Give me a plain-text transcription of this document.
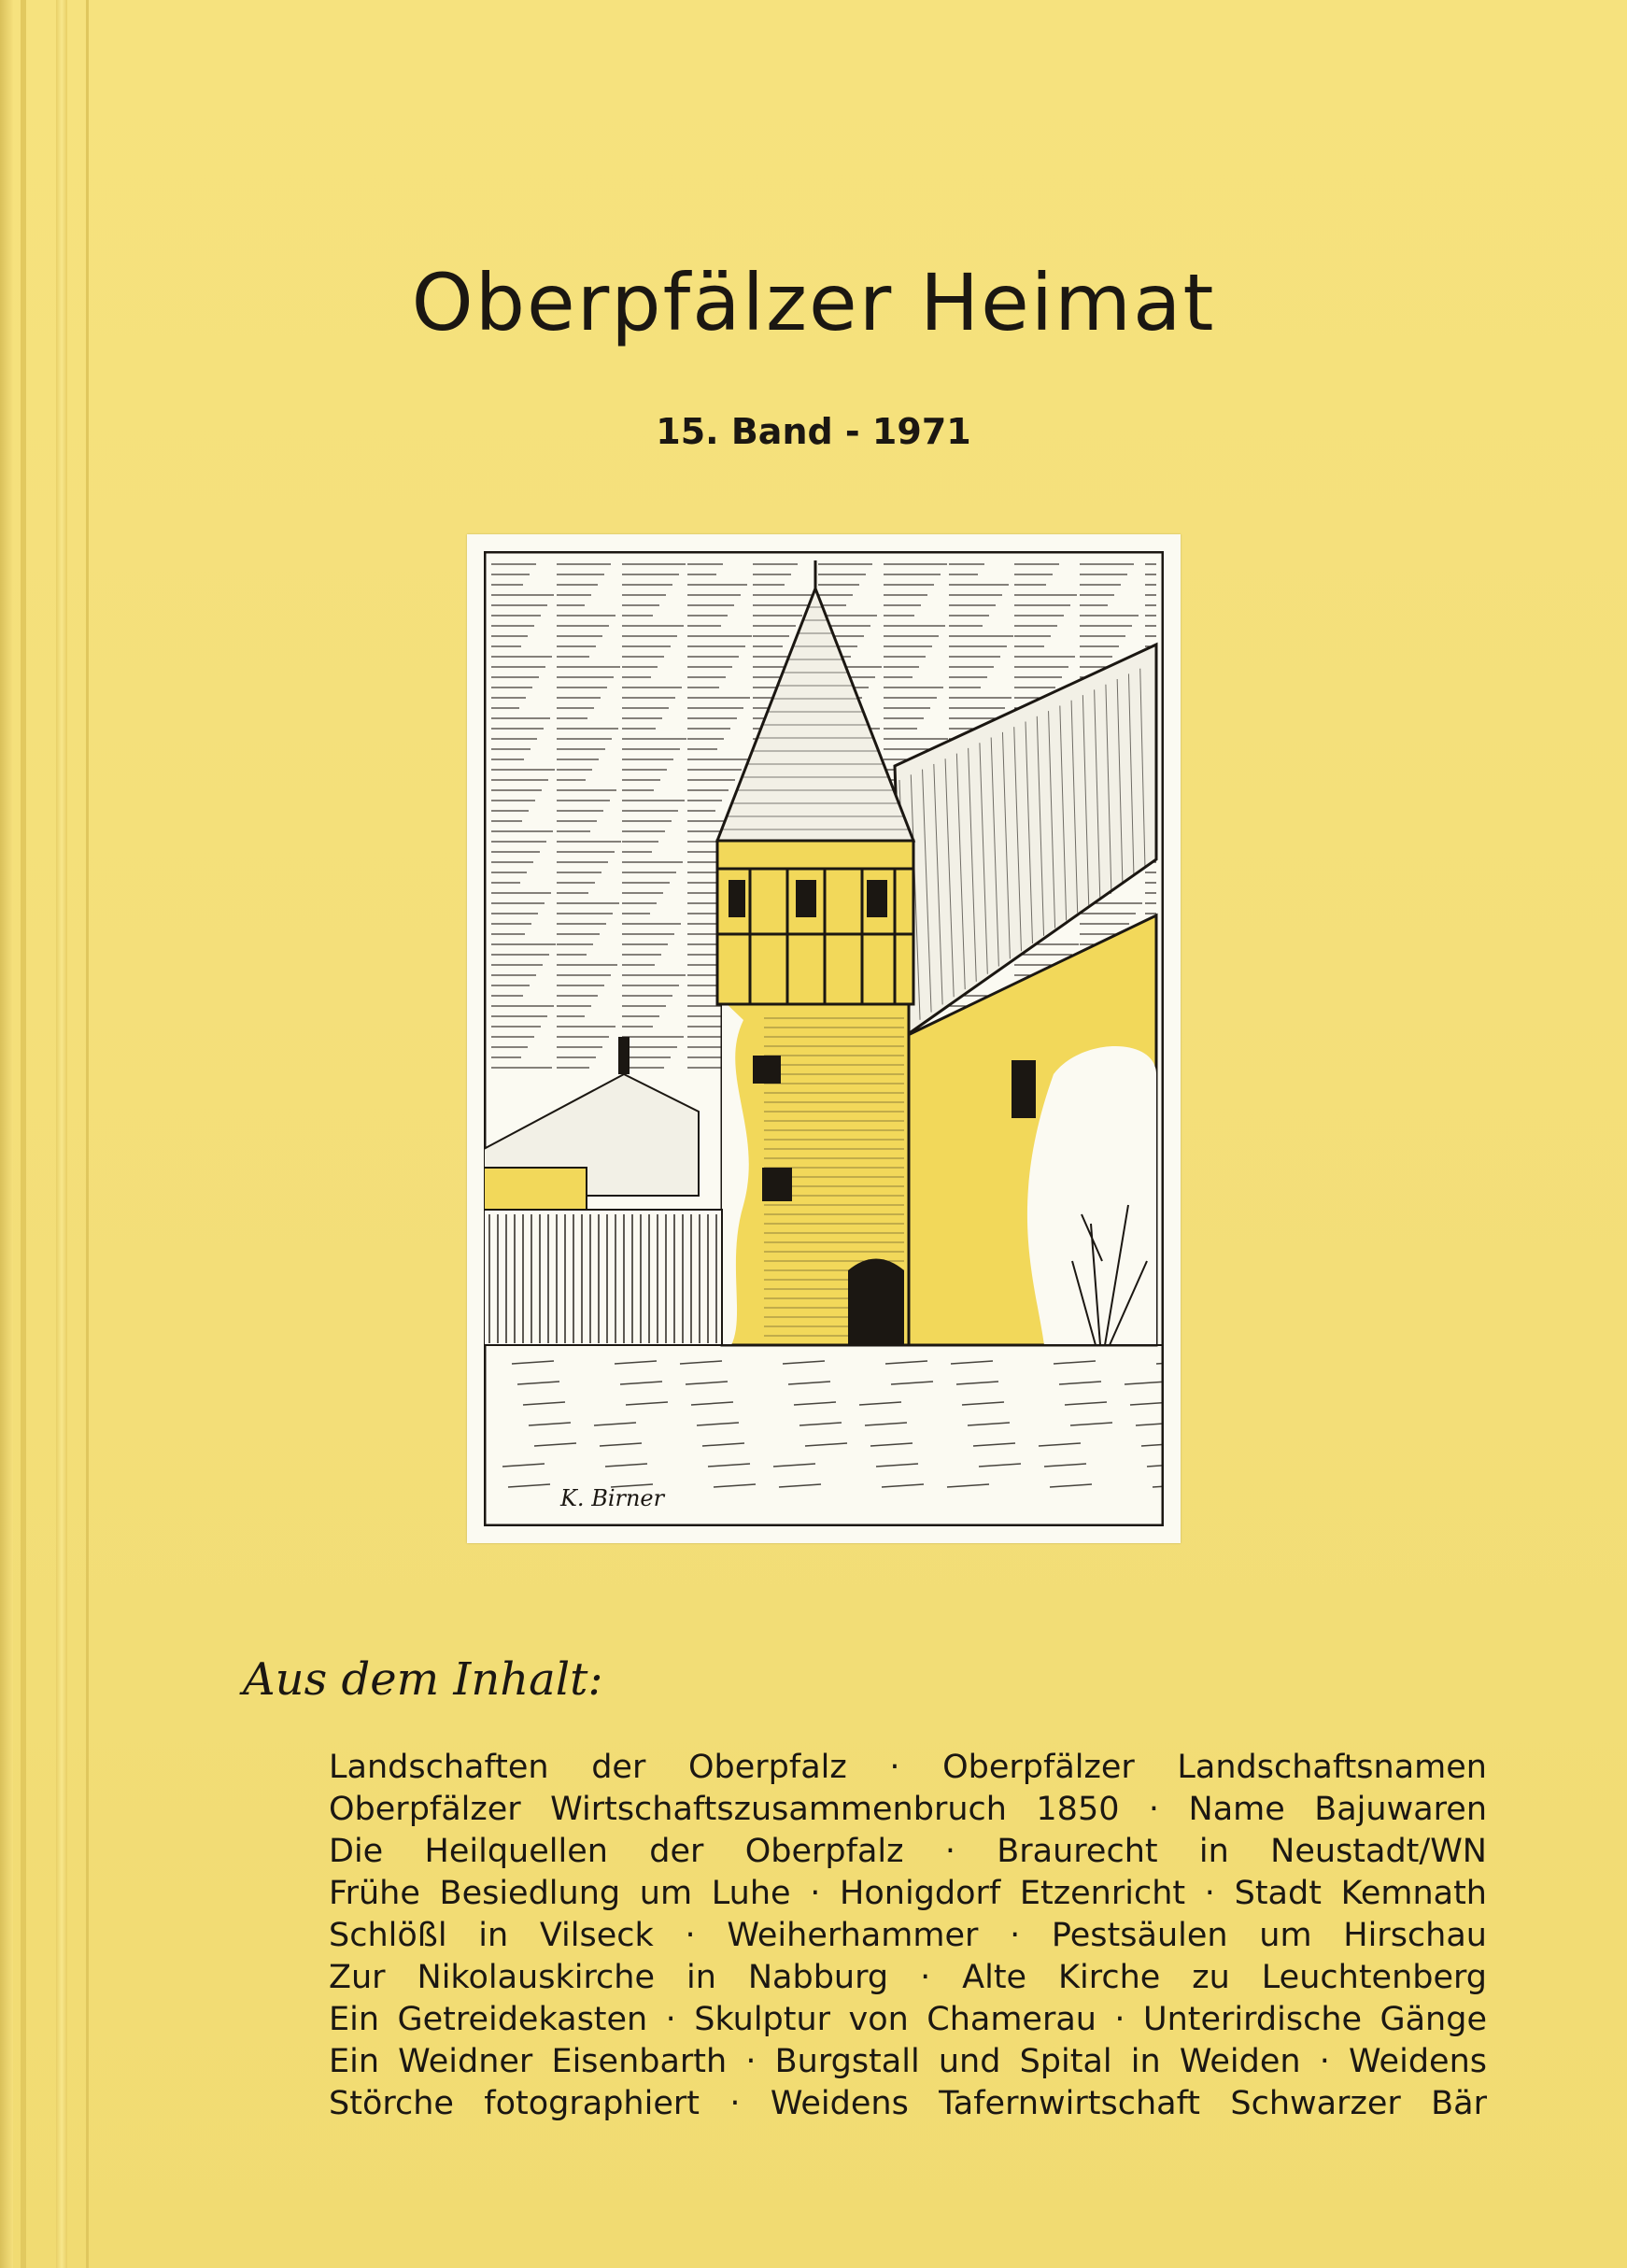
Oberpfälzer Heimat
15. Band - 1971
K. Birner
Aus dem Inhalt:
Landschaften der Oberpfalz · Oberpfälzer Landschaftsnamen
Oberpfälzer Wirtschaftszusammenbruch 1850 · Name Bajuwaren
Die Heilquellen der Oberpfalz · Braurecht in Neustadt/WN
Frühe Besiedlung um Luhe · Honigdorf Etzenricht · Stadt Kemnath
Schlößl in Vilseck · Weiherhammer · Pestsäulen um Hirschau
Zur Nikolauskirche in Nabburg · Alte Kirche zu Leuchtenberg
Ein Getreidekasten · Skulptur von Chamerau · Unterirdische Gänge
Ein Weidner Eisenbarth · Burgstall und Spital in Weiden · Weidens
Störche fotographiert · Weidens Tafernwirtschaft Schwarzer Bär
